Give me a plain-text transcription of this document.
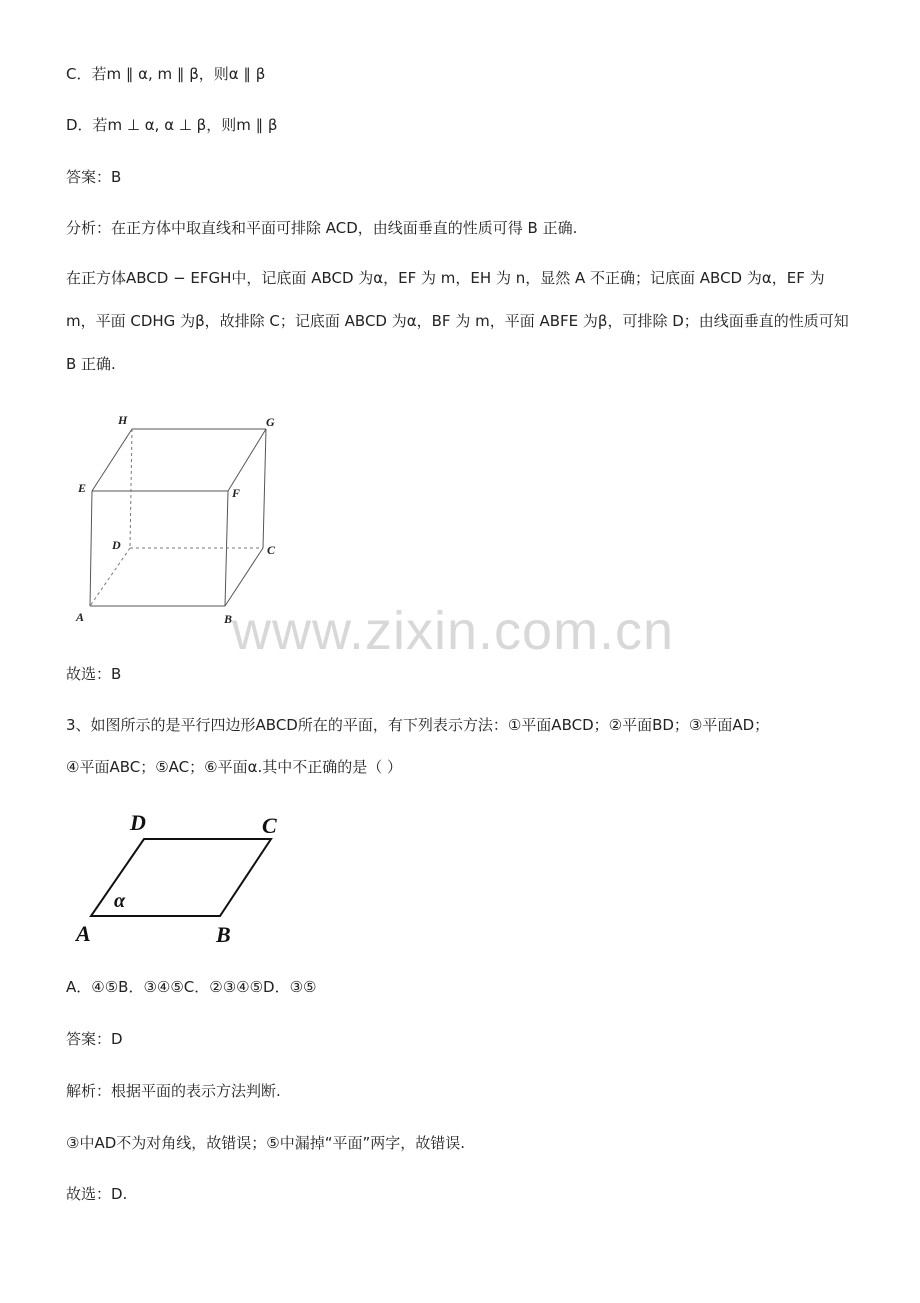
C．若m ∥ α, m ∥ β，则α ∥ β
D．若m ⊥ α, α ⊥ β，则m ∥ β
答案：B
分析：在正方体中取直线和平面可排除 ACD，由线面垂直的性质可得 B 正确.
在正方体ABCD − EFGH中，记底面 ABCD 为α，EF 为 m，EH 为 n，显然 A 不正确；记底面 ABCD 为α，EF 为 m，平面 CDHG 为β，故排除 C；记底面 ABCD 为α，BF 为 m，平面 ABFE 为β，可排除 D；由线面垂直的性质可知 B 正确.
H	G
E	F
D	C
A	B www.zixin.com.cn
故选：B
3、如图所示的是平行四边形ABCD所在的平面，有下列表示方法：①平面ABCD；②平面BD；③平面AD；
④平面ABC；⑤AC；⑥平面α.其中不正确的是（ ）
D	C
A	B
α
A．④⑤B．③④⑤C．②③④⑤D．③⑤
答案：D
解析：根据平面的表示方法判断.
③中AD不为对角线，故错误；⑤中漏掉“平面”两字，故错误.
故选：D.
